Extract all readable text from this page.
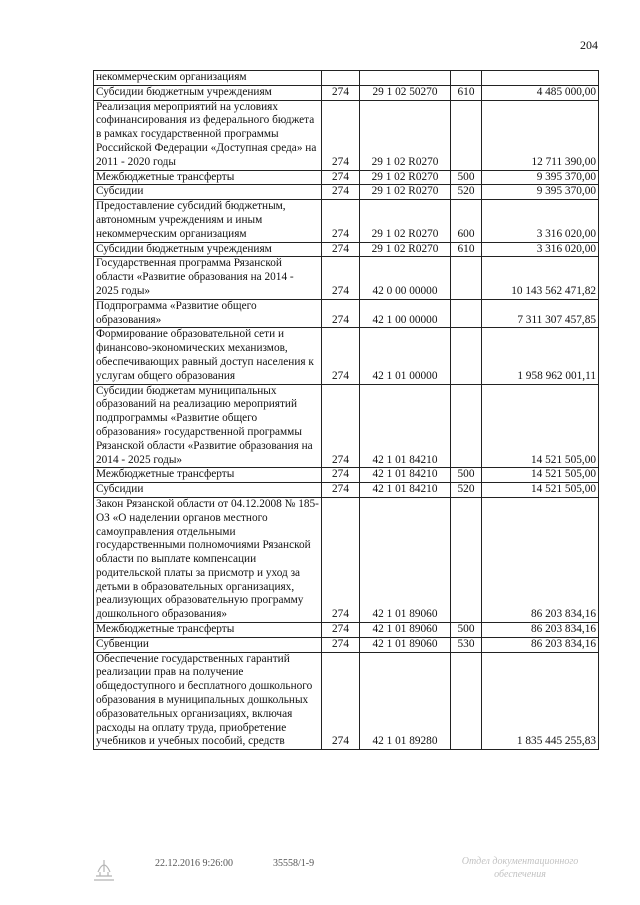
204
некоммерческим организациям				
Субсидии бюджетным учреждениям	274	29 1 02 50270	610	4 485 000,00
Реализация мероприятий на условиях софинансирования из федерального бюджета в рамках государственной программы Российской Федерации «Доступная среда» на 2011 - 2020 годы	274	29 1 02 R0270		12 711 390,00
Межбюджетные трансферты	274	29 1 02 R0270	500	9 395 370,00
Субсидии	274	29 1 02 R0270	520	9 395 370,00
Предоставление субсидий бюджетным, автономным учреждениям и иным некоммерческим организациям	274	29 1 02 R0270	600	3 316 020,00
Субсидии бюджетным учреждениям	274	29 1 02 R0270	610	3 316 020,00
Государственная программа Рязанской области «Развитие образования на 2014 - 2025 годы»	274	42 0 00 00000		10 143 562 471,82
Подпрограмма «Развитие общего образования»	274	42 1 00 00000		7 311 307 457,85
Формирование образовательной сети и финансово-экономических механизмов, обеспечивающих равный доступ населения к услугам общего образования	274	42 1 01 00000		1 958 962 001,11
Субсидии бюджетам муниципальных образований на реализацию мероприятий подпрограммы «Развитие общего образования» государственной программы Рязанской области «Развитие образования на 2014 - 2025 годы»	274	42 1 01 84210		14 521 505,00
Межбюджетные трансферты	274	42 1 01 84210	500	14 521 505,00
Субсидии	274	42 1 01 84210	520	14 521 505,00
Закон Рязанской области от 04.12.2008 № 185-ОЗ «О наделении органов местного самоуправления отдельными государственными полномочиями Рязанской области по выплате компенсации родительской платы за присмотр и уход за детьми в образовательных организациях, реализующих образовательную программу дошкольного образования»	274	42 1 01 89060		86 203 834,16
Межбюджетные трансферты	274	42 1 01 89060	500	86 203 834,16
Субвенции	274	42 1 01 89060	530	86 203 834,16
Обеспечение государственных гарантий реализации прав на получение общедоступного и бесплатного дошкольного образования в муниципальных дошкольных образовательных организациях, включая расходы на оплату труда, приобретение учебников и учебных пособий, средств	274	42 1 01 89280		1 835 445 255,83
22.12.2016 9:26:00	35558/1-9	Отдел документационного
обеспечения
